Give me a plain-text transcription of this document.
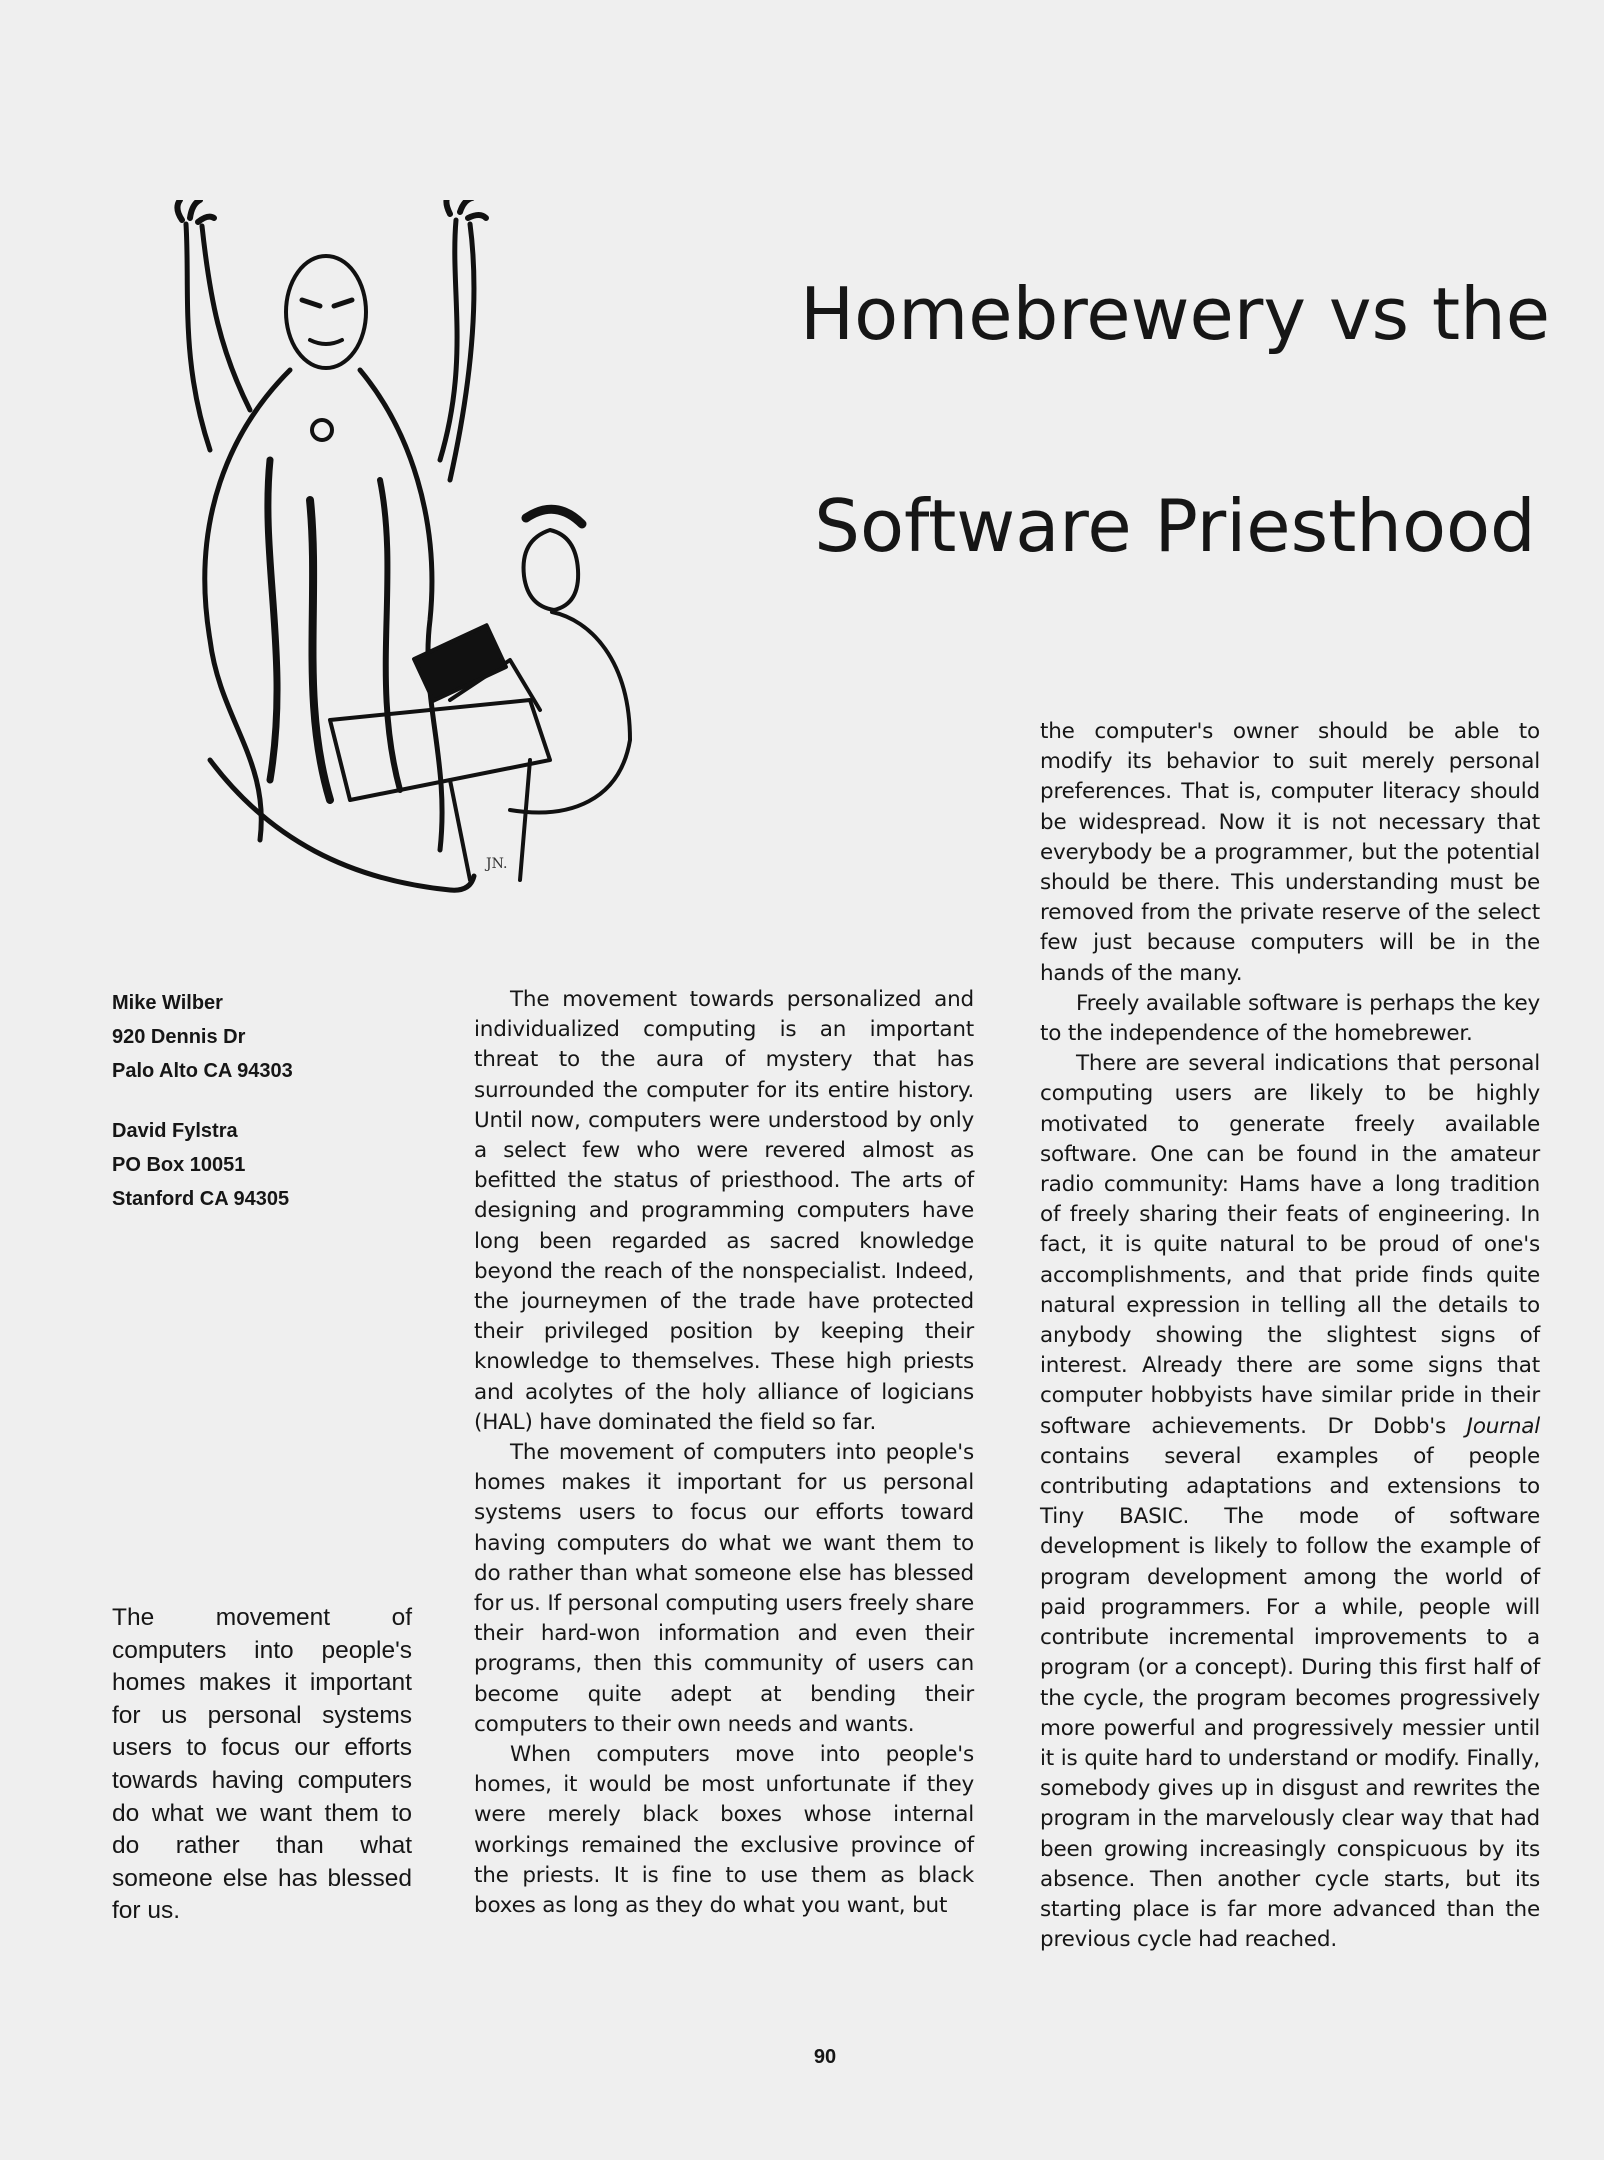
Homebrewery vs the
Software Priesthood
JN.
Mike Wilber
920 Dennis Dr
Palo Alto CA 94303
David Fylstra
PO Box 10051
Stanford CA 94305

The movement of computers into people's homes makes it important for us personal systems users to focus our efforts towards having computers do what we want them to do rather than what someone else has blessed for us.

The movement towards personalized and individualized computing is an important threat to the aura of mystery that has surrounded the computer for its entire history. Until now, computers were understood by only a select few who were revered almost as befitted the status of priesthood. The arts of designing and programming computers have long been regarded as sacred knowledge beyond the reach of the nonspecialist. Indeed, the journeymen of the trade have protected their privileged position by keeping their knowledge to themselves. These high priests and acolytes of the holy alliance of logicians (HAL) have dominated the field so far.

The movement of computers into people's homes makes it important for us personal systems users to focus our efforts toward having computers do what we want them to do rather than what someone else has blessed for us. If personal computing users freely share their hard-won information and even their programs, then this community of users can become quite adept at bending their computers to their own needs and wants.

When computers move into people's homes, it would be most unfortunate if they were merely black boxes whose internal workings remained the exclusive province of the priests. It is fine to use them as black boxes as long as they do what you want, but

the computer's owner should be able to modify its behavior to suit merely personal preferences. That is, computer literacy should be widespread. Now it is not necessary that everybody be a programmer, but the potential should be there. This understanding must be removed from the private reserve of the select few just because computers will be in the hands of the many.

Freely available software is perhaps the key to the independence of the homebrewer.

There are several indications that personal computing users are likely to be highly motivated to generate freely available software. One can be found in the amateur radio community: Hams have a long tradition of freely sharing their feats of engineering. In fact, it is quite natural to be proud of one's accomplishments, and that pride finds quite natural expression in telling all the details to anybody showing the slightest signs of interest. Already there are some signs that computer hobbyists have similar pride in their software achievements. Dr Dobb's Journal contains several examples of people contributing adaptations and extensions to Tiny BASIC. The mode of software development is likely to follow the example of program development among the world of paid programmers. For a while, people will contribute incremental improvements to a program (or a concept). During this first half of the cycle, the program becomes progressively more powerful and progressively messier until it is quite hard to understand or modify. Finally, somebody gives up in disgust and rewrites the program in the marvelously clear way that had been growing increasingly conspicuous by its absence. Then another cycle starts, but its starting place is far more advanced than the previous cycle had reached.

90
